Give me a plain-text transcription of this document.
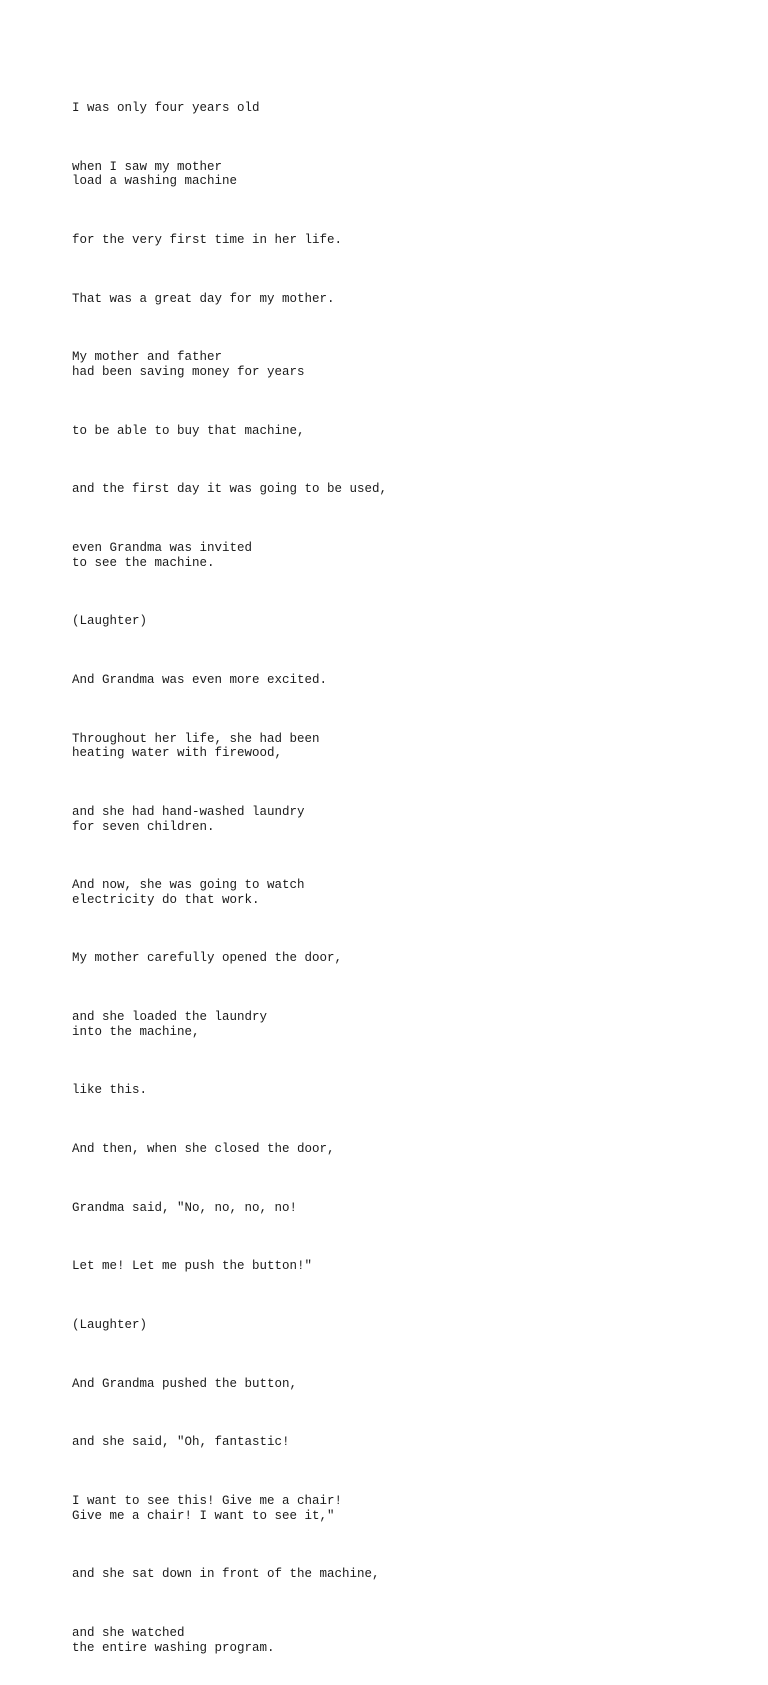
I was only four years old

when I saw my mother
load a washing machine

for the very first time in her life.

That was a great day for my mother.

My mother and father
had been saving money for years

to be able to buy that machine,

and the first day it was going to be used,

even Grandma was invited
to see the machine.

(Laughter)

And Grandma was even more excited.

Throughout her life, she had been
heating water with firewood,

and she had hand-washed laundry
for seven children.

And now, she was going to watch
electricity do that work.

My mother carefully opened the door,

and she loaded the laundry
into the machine,

like this.

And then, when she closed the door,

Grandma said, "No, no, no, no!

Let me! Let me push the button!"

(Laughter)

And Grandma pushed the button,

and she said, "Oh, fantastic!

I want to see this! Give me a chair!
Give me a chair! I want to see it,"

and she sat down in front of the machine,

and she watched
the entire washing program.
